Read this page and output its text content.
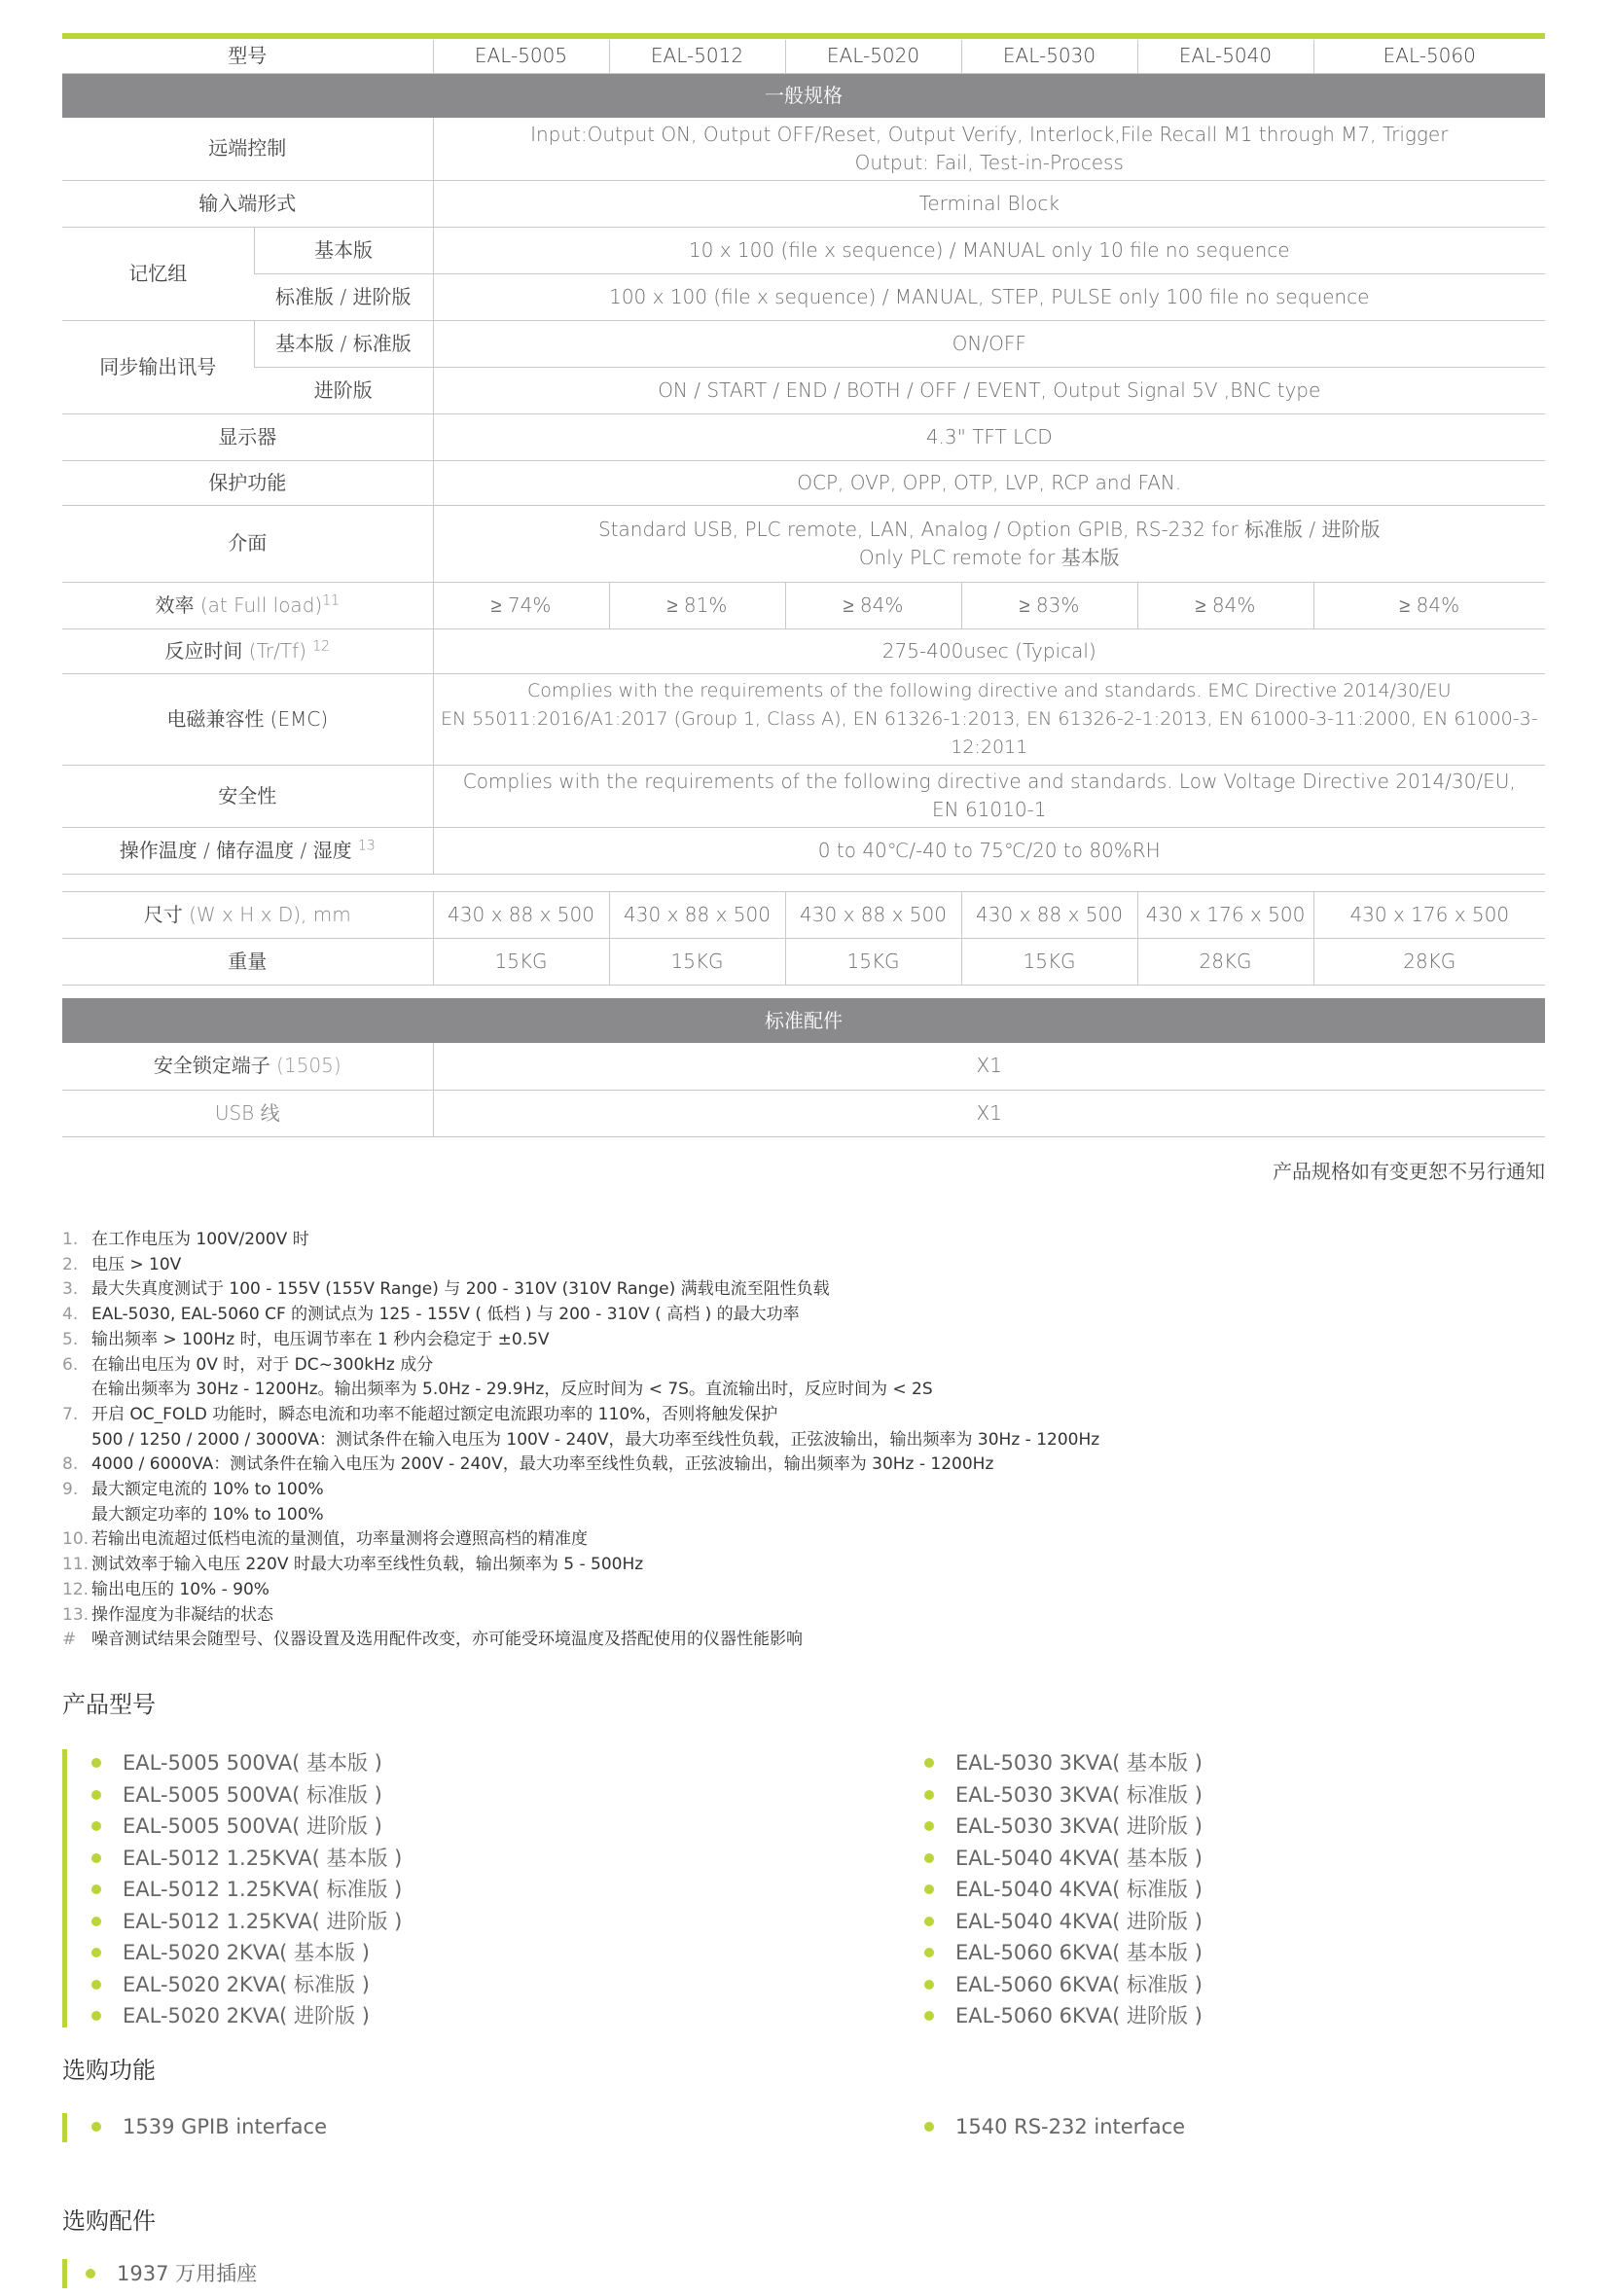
型号		EAL-5005	EAL-5012	EAL-5020	EAL-5030	EAL-5040	EAL-5060
一般规格							
远端控制		Input:Output ON, Output OFF/Reset, Output Verify, Interlock,File Recall M1 through M7, Trigger
Output: Fail, Test-in-Process					

输入端形式		Terminal Block					
记忆组	基本版	10 x 100 (file x sequence) / MANUAL only 10 file no sequence					
	标准版 / 进阶版	100 x 100 (file x sequence) / MANUAL, STEP, PULSE only 100 file no sequence					
同步输出讯号	基本版 / 标准版	ON/OFF					
	进阶版	ON / START / END / BOTH / OFF / EVENT, Output Signal 5V ,BNC type					
显示器		4.3" TFT LCD					
保护功能		OCP, OVP, OPP, OTP, LVP, RCP and FAN.					
介面		Standard USB, PLC remote, LAN, Analog / Option GPIB, RS-232 for 标准版 / 进阶版
Only PLC remote for 基本版					

效率 (at Full load)$^{11}$		≥ 74%	≥ 81%	≥ 84%	≥ 83%	≥ 84%	≥ 84%
反应时间 (Tr/Tf) $^{12}$		275-400usec (Typical)					
电磁兼容性 (EMC)		Complies with the requirements of the following directive and standards. EMC Directive 2014/30/EU
EN 55011:2016/A1:2017 (Group 1, Class A), EN 61326-1:2013, EN 61326-2-1:2013, EN 61000-3-11:2000, EN 61000-3-
12:2011					

安全性		Complies with the requirements of the following directive and standards. Low Voltage Directive 2014/30/EU,
EN 61010-1					

操作温度 / 储存温度 / 湿度 $^{13}$		0 to 40℃/-40 to 75℃/20 to 80%RH					

尺寸 (W x H x D), mm		430 x 88 x 500	430 x 88 x 500	430 x 88 x 500	430 x 88 x 500	430 x 176 x 500	430 x 176 x 500
重量		15KG	15KG	15KG	15KG	28KG	28KG

标准配件							
安全锁定端子 (1505)		X1					
USB 线		X1					
产品规格如有变更恕不另行通知
1. 在工作电压为 100V/200V 时
2. 电压 > 10V
3. 最大失真度测试于 100 - 155V (155V Range) 与 200 - 310V (310V Range) 满载电流至阻性负载
4. EAL-5030, EAL-5060 CF 的测试点为 125 - 155V ( 低档 ) 与 200 - 310V ( 高档 ) 的最大功率
5. 输出频率 > 100Hz 时，电压调节率在 1 秒内会稳定于 ±0.5V
6. 在输出电压为 0V 时，对于 DC~300kHz 成分
在输出频率为 30Hz - 1200Hz。输出频率为 5.0Hz - 29.9Hz，反应时间为 < 7S。直流输出时，反应时间为 < 2S
7. 开启 OC_FOLD 功能时，瞬态电流和功率不能超过额定电流跟功率的 110%，否则将触发保护
500 / 1250 / 2000 / 3000VA：测试条件在输入电压为 100V - 240V，最大功率至线性负载，正弦波输出，输出频率为 30Hz - 1200Hz
8. 4000 / 6000VA：测试条件在输入电压为 200V - 240V，最大功率至线性负载，正弦波输出，输出频率为 30Hz - 1200Hz
9. 最大额定电流的 10% to 100%
最大额定功率的 10% to 100%
10. 若输出电流超过低档电流的量测值，功率量测将会遵照高档的精准度
11. 测试效率于输入电压 220V 时最大功率至线性负载，输出频率为 5 - 500Hz
12. 输出电压的 10% - 90%
13. 操作湿度为非凝结的状态
# 噪音测试结果会随型号、仪器设置及选用配件改变，亦可能受环境温度及搭配使用的仪器性能影响
产品型号
EAL-5005 500VA( 基本版 )
EAL-5005 500VA( 标准版 )
EAL-5005 500VA( 进阶版 )
EAL-5012 1.25KVA( 基本版 )
EAL-5012 1.25KVA( 标准版 )
EAL-5012 1.25KVA( 进阶版 )
EAL-5020 2KVA( 基本版 )
EAL-5020 2KVA( 标准版 )
EAL-5020 2KVA( 进阶版 )
EAL-5030 3KVA( 基本版 )
EAL-5030 3KVA( 标准版 )
EAL-5030 3KVA( 进阶版 )
EAL-5040 4KVA( 基本版 )
EAL-5040 4KVA( 标准版 )
EAL-5040 4KVA( 进阶版 )
EAL-5060 6KVA( 基本版 )
EAL-5060 6KVA( 标准版 )
EAL-5060 6KVA( 进阶版 )
选购功能
1539 GPIB interface	1540 RS-232 interface
选购配件
1937 万用插座
